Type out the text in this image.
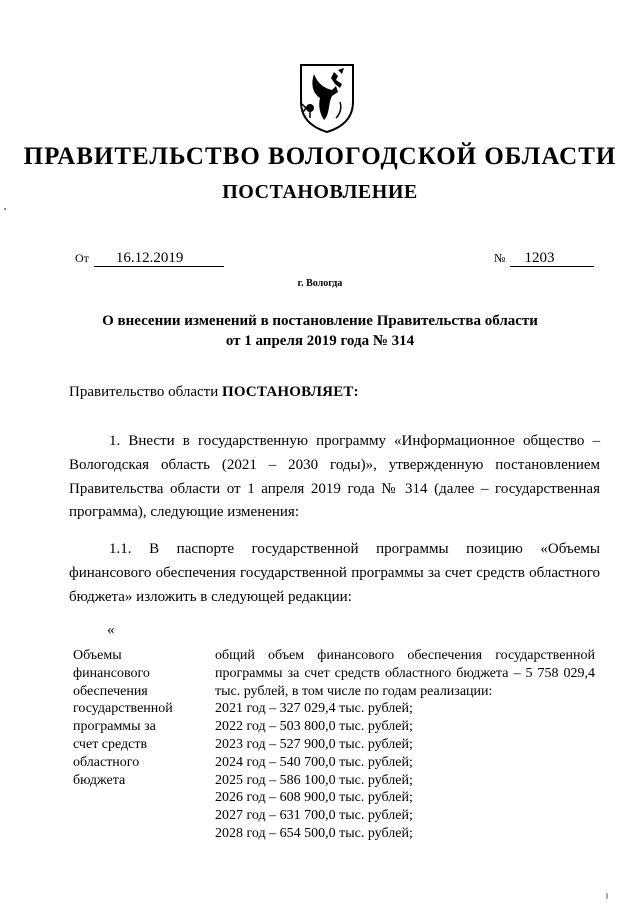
ПРАВИТЕЛЬСТВО ВОЛОГОДСКОЙ ОБЛАСТИ
ПОСТАНОВЛЕНИЕ
От 16.12.2019	№ 1203
г. Вологда
О внесении изменений в постановление Правительства области
от 1 апреля 2019 года № 314
Правительство области ПОСТАНОВЛЯЕТ:
1. Внести в государственную программу «Информационное общество – Вологодская область (2021 – 2030 годы)», утвержденную постановлением Правительства области от 1 апреля 2019 года № 314 (далее – государственная программа), следующие изменения:
1.1. В паспорте государственной программы позицию «Объемы финансового обеспечения государственной программы за счет средств областного бюджета» изложить в следующей редакции:
«
Объемы
финансового
обеспечения
государственной
программы за
счет средств
областного
бюджета
общий объем финансового обеспечения государственной программы за счет средств областного бюджета – 5 758 029,4 тыс. рублей, в том числе по годам реализации:
2021 год – 327 029,4 тыс. рублей;
2022 год – 503 800,0 тыс. рублей;
2023 год – 527 900,0 тыс. рублей;
2024 год – 540 700,0 тыс. рублей;
2025 год – 586 100,0 тыс. рублей;
2026 год – 608 900,0 тыс. рублей;
2027 год – 631 700,0 тыс. рублей;
2028 год – 654 500,0 тыс. рублей;
